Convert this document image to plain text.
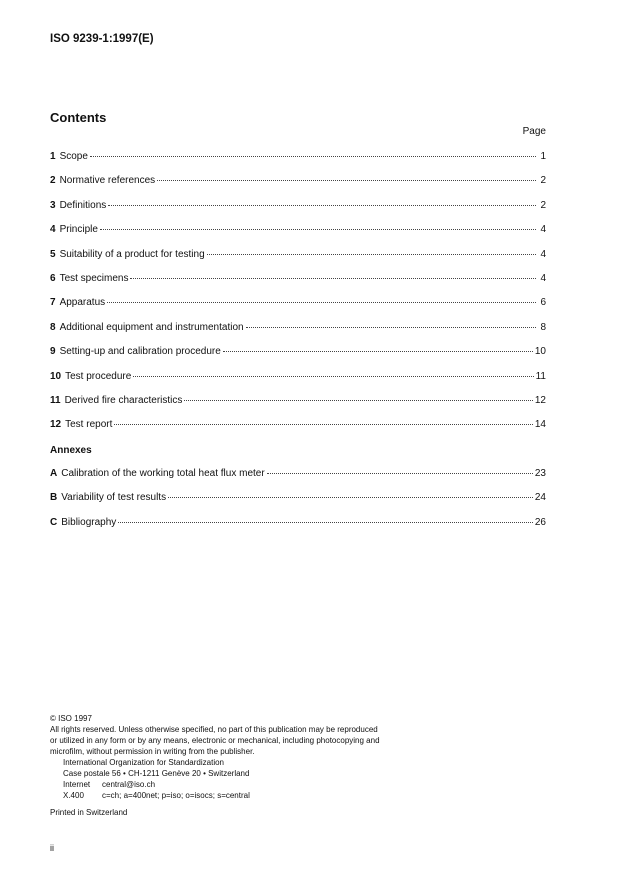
ISO 9239-1:1997(E)
Contents
Page
1 Scope	1
2 Normative references	2
3 Definitions	2
4 Principle	4
5 Suitability of a product for testing	4
6 Test specimens	4
7 Apparatus	6
8 Additional equipment and instrumentation	8
9 Setting-up and calibration procedure	10
10 Test procedure	11
11 Derived fire characteristics	12
12 Test report	14
Annexes
A Calibration of the working total heat flux meter	23
B Variability of test results	24
C Bibliography	26
© ISO 1997
All rights reserved. Unless otherwise specified, no part of this publication may be reproduced
or utilized in any form or by any means, electronic or mechanical, including photocopying and
microfilm, without permission in writing from the publisher.
International Organization for Standardization
Case postale 56 • CH-1211 Genève 20 • Switzerland
Internet central@iso.ch
X.400 c=ch; a=400net; p=iso; o=isocs; s=central
Printed in Switzerland
ii
